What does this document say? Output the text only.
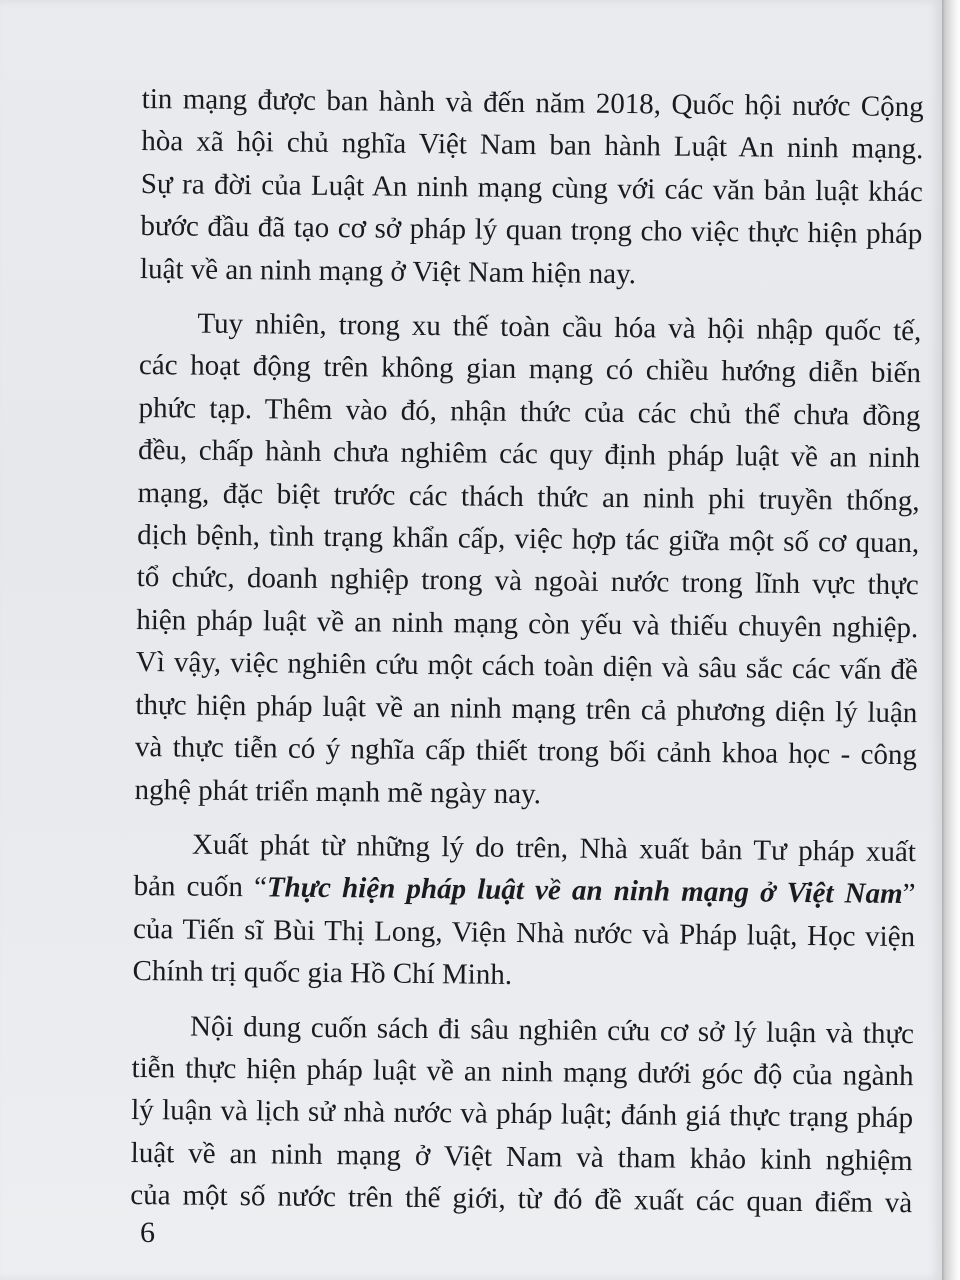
tin mạng được ban hành và đến năm 2018, Quốc hội nước Cộng
hòa xã hội chủ nghĩa Việt Nam ban hành Luật An ninh mạng.
Sự ra đời của Luật An ninh mạng cùng với các văn bản luật khác
bước đầu đã tạo cơ sở pháp lý quan trọng cho việc thực hiện pháp
luật về an ninh mạng ở Việt Nam hiện nay.

Tuy nhiên, trong xu thế toàn cầu hóa và hội nhập quốc tế,
các hoạt động trên không gian mạng có chiều hướng diễn biến
phức tạp. Thêm vào đó, nhận thức của các chủ thể chưa đồng
đều, chấp hành chưa nghiêm các quy định pháp luật về an ninh
mạng, đặc biệt trước các thách thức an ninh phi truyền thống,
dịch bệnh, tình trạng khẩn cấp, việc hợp tác giữa một số cơ quan,
tổ chức, doanh nghiệp trong và ngoài nước trong lĩnh vực thực
hiện pháp luật về an ninh mạng còn yếu và thiếu chuyên nghiệp.
Vì vậy, việc nghiên cứu một cách toàn diện và sâu sắc các vấn đề
thực hiện pháp luật về an ninh mạng trên cả phương diện lý luận
và thực tiễn có ý nghĩa cấp thiết trong bối cảnh khoa học - công
nghệ phát triển mạnh mẽ ngày nay.

Xuất phát từ những lý do trên, Nhà xuất bản Tư pháp xuất
bản cuốn “Thực hiện pháp luật về an ninh mạng ở Việt Nam”
của Tiến sĩ Bùi Thị Long, Viện Nhà nước và Pháp luật, Học viện
Chính trị quốc gia Hồ Chí Minh.

Nội dung cuốn sách đi sâu nghiên cứu cơ sở lý luận và thực
tiễn thực hiện pháp luật về an ninh mạng dưới góc độ của ngành
lý luận và lịch sử nhà nước và pháp luật; đánh giá thực trạng pháp
luật về an ninh mạng ở Việt Nam và tham khảo kinh nghiệm
của một số nước trên thế giới, từ đó đề xuất các quan điểm và

6
